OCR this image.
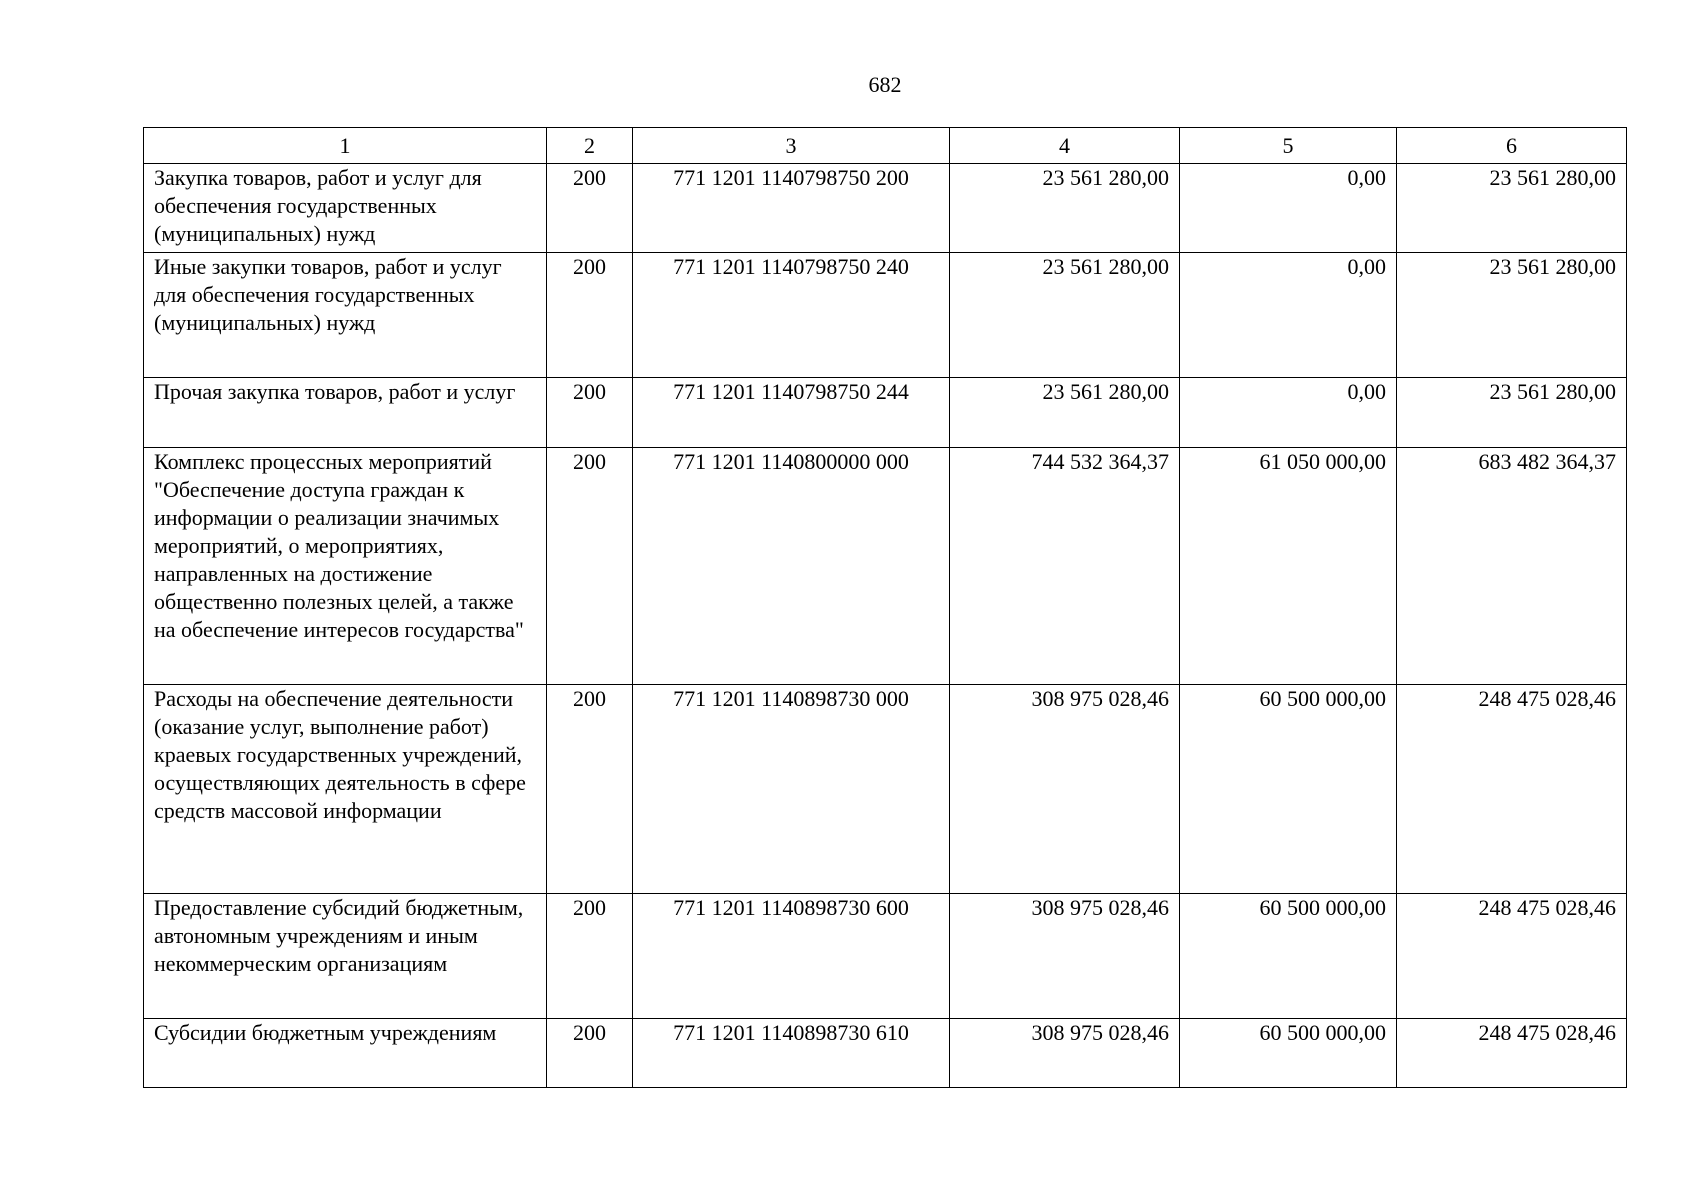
682
1	2	3	4	5	6
Закупка товаров, работ и услуг для обеспечения государственных (муниципальных) нужд	200	771 1201 1140798750 200	23 561 280,00	0,00	23 561 280,00
Иные закупки товаров, работ и услуг для обеспечения государственных (муниципальных) нужд	200	771 1201 1140798750 240	23 561 280,00	0,00	23 561 280,00
Прочая закупка товаров, работ и услуг	200	771 1201 1140798750 244	23 561 280,00	0,00	23 561 280,00
Комплекс процессных мероприятий "Обеспечение доступа граждан к информации о реализации значимых мероприятий, о мероприятиях, направленных на достижение общественно полезных целей, а также на обеспечение интересов государства"	200	771 1201 1140800000 000	744 532 364,37	61 050 000,00	683 482 364,37
Расходы на обеспечение деятельности (оказание услуг, выполнение работ) краевых государственных учреждений, осуществляющих деятельность в сфере средств массовой информации	200	771 1201 1140898730 000	308 975 028,46	60 500 000,00	248 475 028,46
Предоставление субсидий бюджетным, автономным учреждениям и иным некоммерческим организациям	200	771 1201 1140898730 600	308 975 028,46	60 500 000,00	248 475 028,46
Субсидии бюджетным учреждениям	200	771 1201 1140898730 610	308 975 028,46	60 500 000,00	248 475 028,46
